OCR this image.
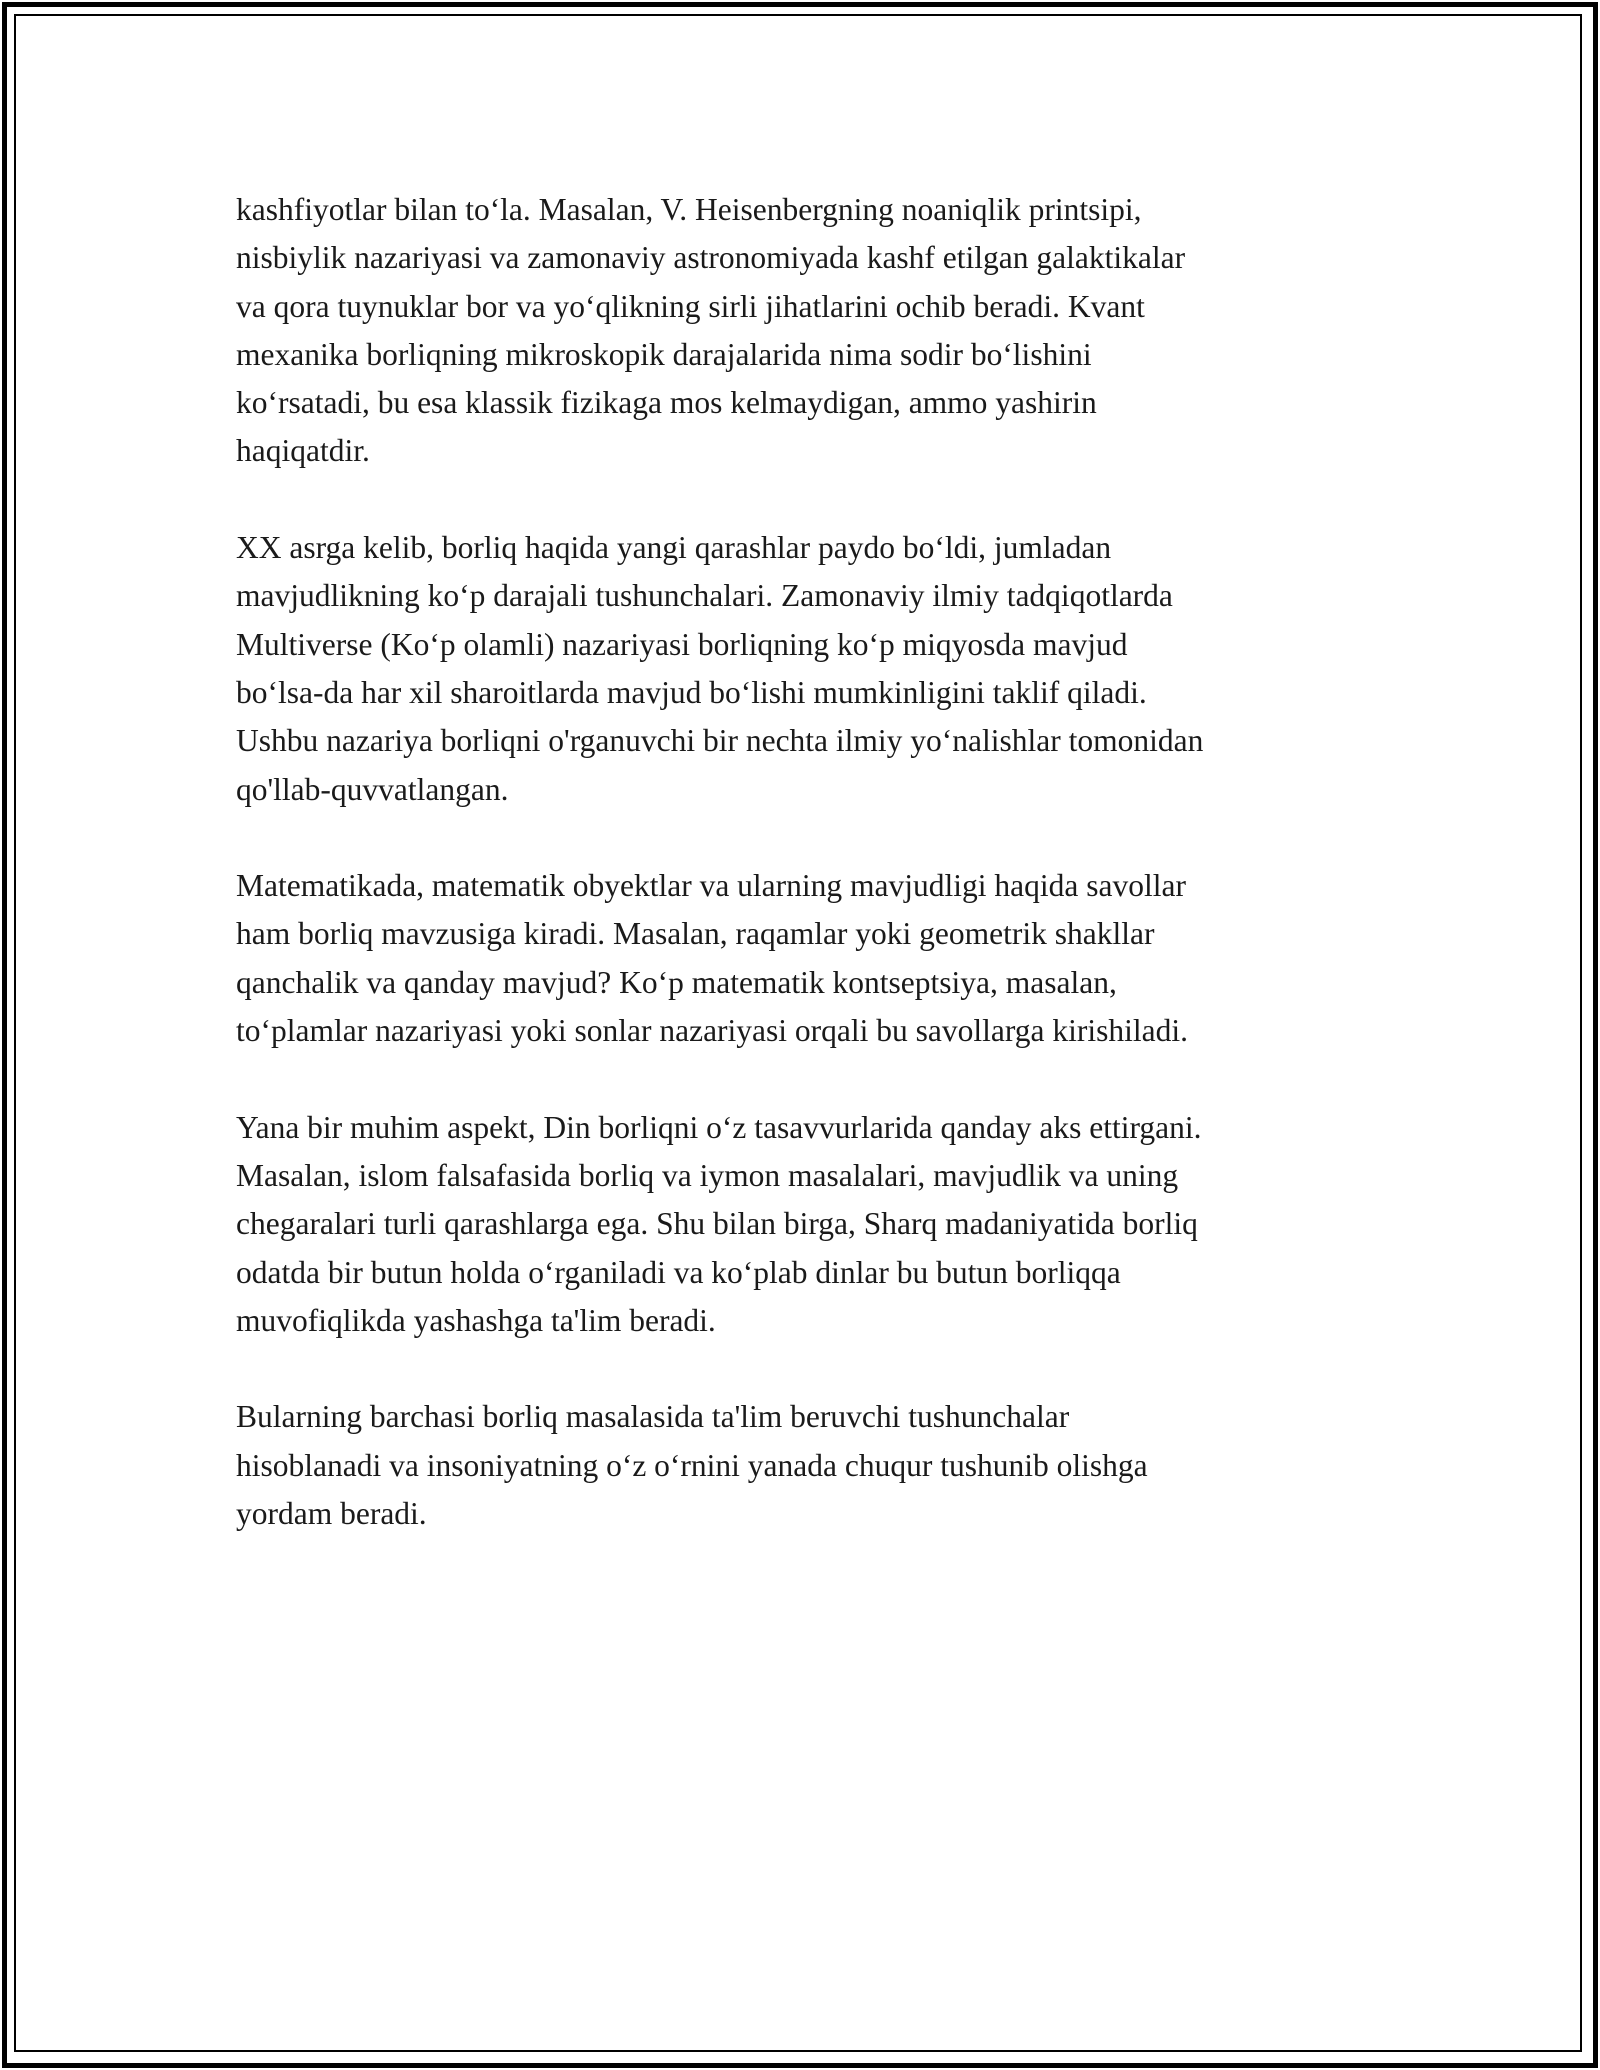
kashfiyotlar bilan to‘la. Masalan, V. Heisenbergning noaniqlik printsipi,
nisbiylik nazariyasi va zamonaviy astronomiyada kashf etilgan galaktikalar
va qora tuynuklar bor va yo‘qlikning sirli jihatlarini ochib beradi. Kvant
mexanika borliqning mikroskopik darajalarida nima sodir bo‘lishini
ko‘rsatadi, bu esa klassik fizikaga mos kelmaydigan, ammo yashirin
haqiqatdir.

XX asrga kelib, borliq haqida yangi qarashlar paydo bo‘ldi, jumladan
mavjudlikning ko‘p darajali tushunchalari. Zamonaviy ilmiy tadqiqotlarda
Multiverse (Ko‘p olamli) nazariyasi borliqning ko‘p miqyosda mavjud
bo‘lsa-da har xil sharoitlarda mavjud bo‘lishi mumkinligini taklif qiladi.
Ushbu nazariya borliqni o'rganuvchi bir nechta ilmiy yo‘nalishlar tomonidan
qo'llab-quvvatlangan.

Matematikada, matematik obyektlar va ularning mavjudligi haqida savollar
ham borliq mavzusiga kiradi. Masalan, raqamlar yoki geometrik shakllar
qanchalik va qanday mavjud? Ko‘p matematik kontseptsiya, masalan,
to‘plamlar nazariyasi yoki sonlar nazariyasi orqali bu savollarga kirishiladi.

Yana bir muhim aspekt, Din borliqni o‘z tasavvurlarida qanday aks ettirgani.
Masalan, islom falsafasida borliq va iymon masalalari, mavjudlik va uning
chegaralari turli qarashlarga ega. Shu bilan birga, Sharq madaniyatida borliq
odatda bir butun holda o‘rganiladi va ko‘plab dinlar bu butun borliqqa
muvofiqlikda yashashga ta'lim beradi.

Bularning barchasi borliq masalasida ta'lim beruvchi tushunchalar
hisoblanadi va insoniyatning o‘z o‘rnini yanada chuqur tushunib olishga
yordam beradi.
